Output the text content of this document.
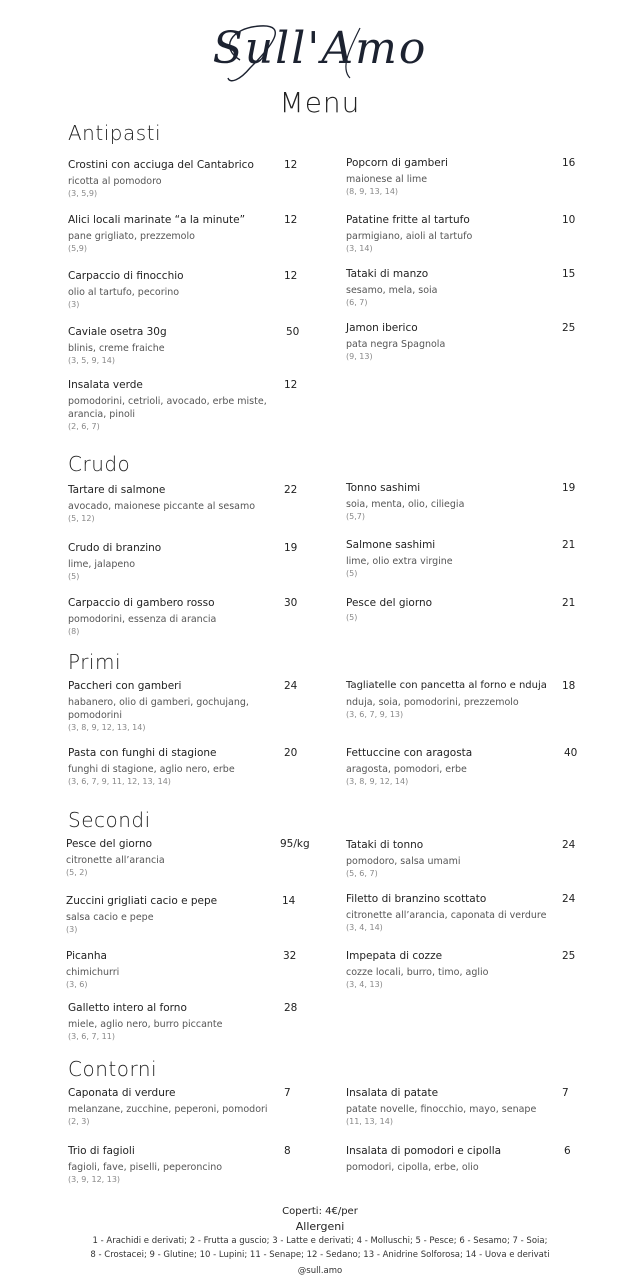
Sull'Amo
Menu
Antipasti
Crostini con acciuga del Cantabrico
ricotta al pomodoro
(3, 5,9)
12
Alici locali marinate “a la minute”
pane grigliato, prezzemolo
(5,9)
12
Carpaccio di finocchio
olio al tartufo, pecorino
(3)
12
Caviale osetra 30g
blinis, creme fraiche
(3, 5, 9, 14)
50
Insalata verde
pomodorini, cetrioli, avocado, erbe miste, arancia, pinoli
(2, 6, 7)
12
Popcorn di gamberi
maionese al lime
(8, 9, 13, 14)
16
Patatine fritte al tartufo
parmigiano, aioli al tartufo
(3, 14)
10
Tataki di manzo
sesamo, mela, soia
(6, 7)
15
Jamon iberico
pata negra Spagnola
(9, 13)
25
Crudo
Tartare di salmone
avocado, maionese piccante al sesamo
(5, 12)
22
Crudo di branzino
lime, jalapeno
(5)
19
Carpaccio di gambero rosso
pomodorini, essenza di arancia
(8)
30
Tonno sashimi
soia, menta, olio, ciliegia
(5,7)
19
Salmone sashimi
lime, olio extra virgine
(5)
21
Pesce del giorno
(5)
21
Primi
Paccheri con gamberi
habanero, olio di gamberi, gochujang, pomodorini
(3, 8, 9, 12, 13, 14)
24
Pasta con funghi di stagione
funghi di stagione, aglio nero, erbe
(3, 6, 7, 9, 11, 12, 13, 14)
20
Tagliatelle con pancetta al forno e nduja
nduja, soia, pomodorini, prezzemolo
(3, 6, 7, 9, 13)
18
Fettuccine con aragosta
aragosta, pomodori, erbe
(3, 8, 9, 12, 14)
40
Secondi
Pesce del giorno
citronette all’arancia
(5, 2)
95/kg
Zuccini grigliati cacio e pepe
salsa cacio e pepe
(3)
14
Picanha
chimichurri
(3, 6)
32
Galletto intero al forno
miele, aglio nero, burro piccante
(3, 6, 7, 11)
28
Tataki di tonno
pomodoro, salsa umami
(5, 6, 7)
24
Filetto di branzino scottato
citronette all’arancia, caponata di verdure
(3, 4, 14)
24
Impepata di cozze
cozze locali, burro, timo, aglio
(3, 4, 13)
25
Contorni
Caponata di verdure
melanzane, zucchine, peperoni, pomodori
(2, 3)
7
Trio di fagioli
fagioli, fave, piselli, peperoncino
(3, 9, 12, 13)
8
Insalata di patate
patate novelle, finocchio, mayo, senape
(11, 13, 14)
7
Insalata di pomodori e cipolla
pomodori, cipolla, erbe, olio
6
Coperti: 4€/per
Allergeni
1 - Arachidi e derivati; 2 - Frutta a guscio; 3 - Latte e derivati; 4 - Molluschi; 5 - Pesce; 6 - Sesamo; 7 - Soia;
8 - Crostacei; 9 - Glutine; 10 - Lupini; 11 - Senape; 12 - Sedano; 13 - Anidrine Solforosa; 14 - Uova e derivati
@sull.amo
